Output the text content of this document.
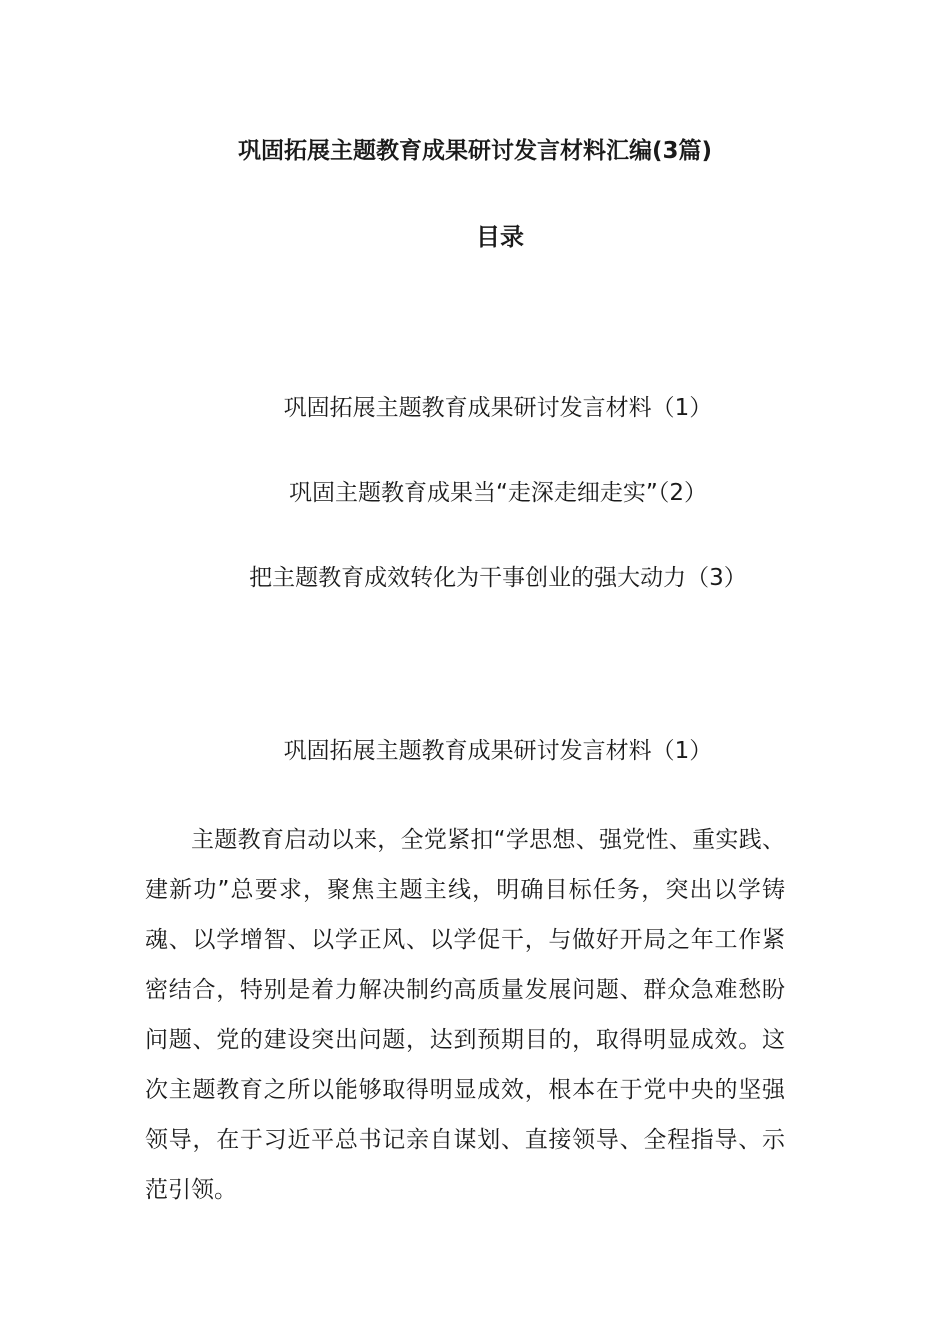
巩固拓展主题教育成果研讨发言材料汇编(3篇)
目录
巩固拓展主题教育成果研讨发言材料（1）
巩固主题教育成果当“走深走细走实”（2）
把主题教育成效转化为干事创业的强大动力（3）
巩固拓展主题教育成果研讨发言材料（1）

主题教育启动以来，全党紧扣“学思想、强党性、重实践、建新功”总要求，聚焦主题主线，明确目标任务，突出以学铸魂、以学增智、以学正风、以学促干，与做好开局之年工作紧密结合，特别是着力解决制约高质量发展问题、群众急难愁盼问题、党的建设突出问题，达到预期目的，取得明显成效。这次主题教育之所以能够取得明显成效，根本在于党中央的坚强领导，在于习近平总书记亲自谋划、直接领导、全程指导、示范引领。
